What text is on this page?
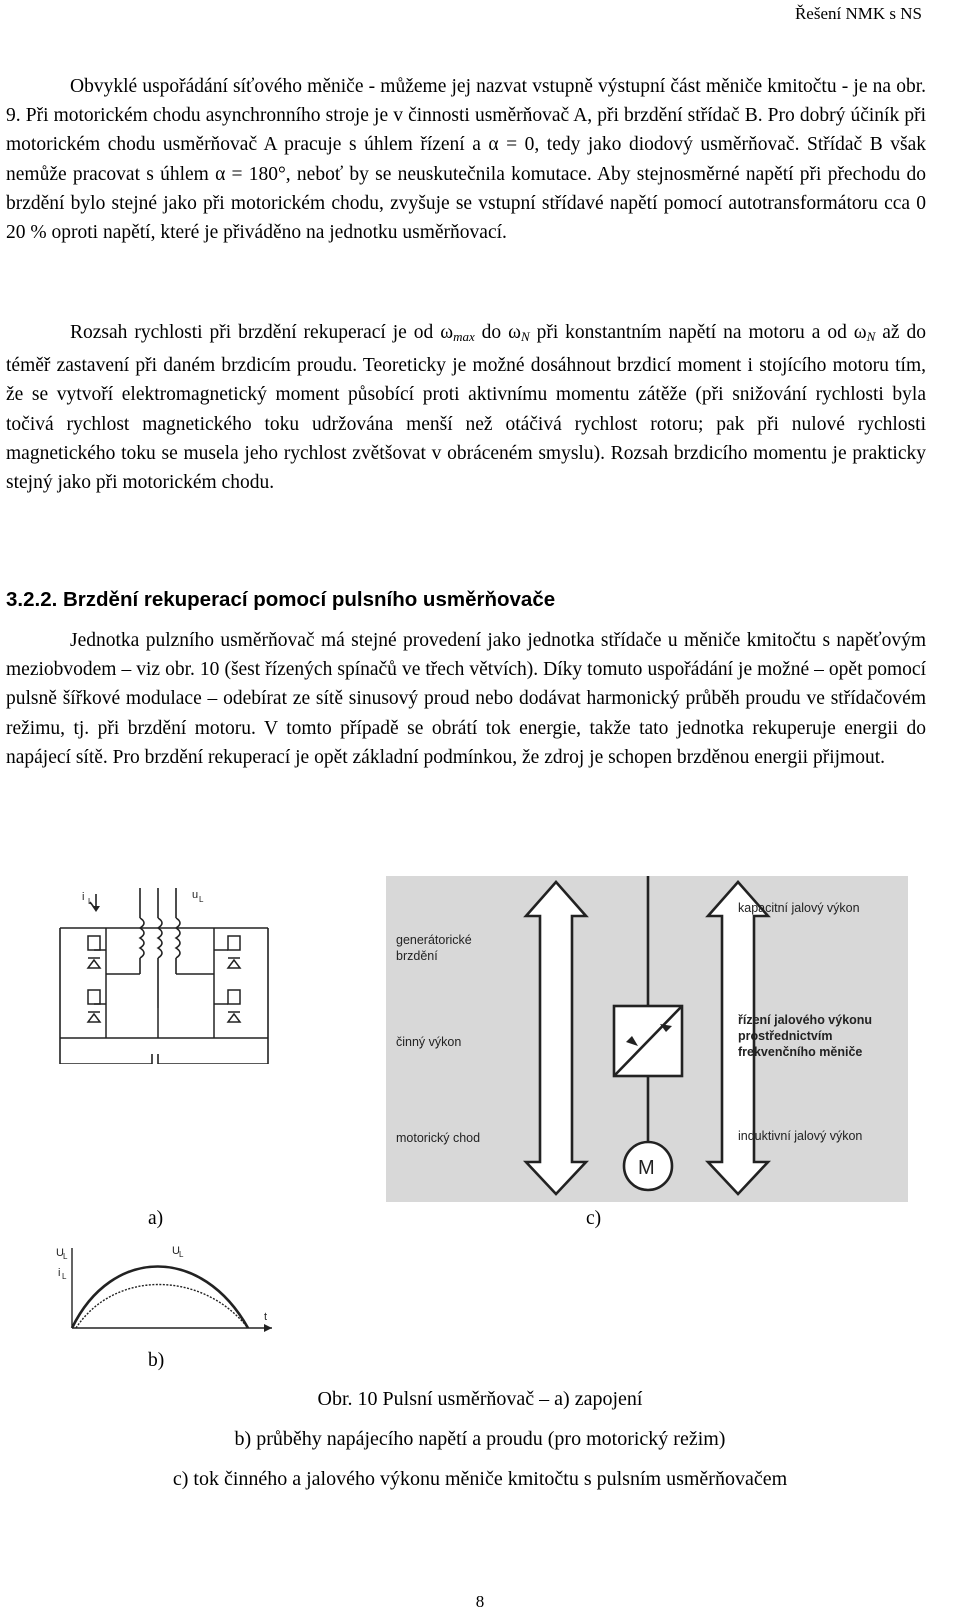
Řešení NMK s NS

Obvyklé uspořádání síťového měniče - můžeme jej nazvat vstupně výstupní část měniče kmitočtu - je na obr. 9. Při motorickém chodu asynchronního stroje je v činnosti usměrňovač A, při brzdění střídač B. Pro dobrý účiník při motorickém chodu usměrňovač A pracuje s úhlem řízení a α = 0, tedy jako diodový usměrňovač. Střídač B však nemůže pracovat s úhlem α = 180°, neboť by se neuskutečnila komutace. Aby stejnosměrné napětí při přechodu do brzdění bylo stejné jako při motorickém chodu, zvyšuje se vstupní střídavé napětí pomocí autotransformátoru cca 0 20 % oproti napětí, které je přiváděno na jednotku usměrňovací.

Rozsah rychlosti při brzdění rekuperací je od $\omega_{max}$ do $\omega_N$ při konstantním napětí na motoru a od $\omega_N$ až do téměř zastavení při daném brzdicím proudu. Teoreticky je možné dosáhnout brzdicí moment i stojícího motoru tím, že se vytvoří elektromagnetický moment působící proti aktivnímu momentu zátěže (při snižování rychlosti byla točivá rychlost magnetického toku udržována menší než otáčivá rychlost rotoru; pak při nulové rychlosti magnetického toku se musela jeho rychlost zvětšovat v obráceném smyslu). Rozsah brzdicího momentu je prakticky stejný jako při motorickém chodu.

3.2.2. Brzdění rekuperací pomocí pulsního usměrňovače

Jednotka pulzního usměrňovač má stejné provedení jako jednotka střídače u měniče kmitočtu s napěťovým meziobvodem – viz obr. 10 (šest řízených spínačů ve třech větvích). Díky tomuto uspořádání je možné – opět pomocí pulsně šířkové modulace – odebírat ze sítě sinusový proud nebo dodávat harmonický průběh proudu ve střídačovém režimu, tj. při brzdění motoru. V tomto případě se obrátí tok energie, takže tato jednotka rekuperuje energii do napájecí sítě. Pro brzdění rekuperací je opět základní podmínkou, že zdroj je schopen brzděnou energii přijmout.

i L
u L
U L
i L
U L
t
generátorické
brzdění
činný výkon
motorický chod
kapacitní jalový výkon
řízení jalového výkonu
prostřednictvím
frekvenčního měniče
induktivní jalový výkon
M
a)	c)
b)
Obr. 10 Pulsní usměrňovač – a) zapojení
b) průběhy napájecího napětí a proudu (pro motorický režim)
c) tok činného a jalového výkonu měniče kmitočtu s pulsním usměrňovačem
8
